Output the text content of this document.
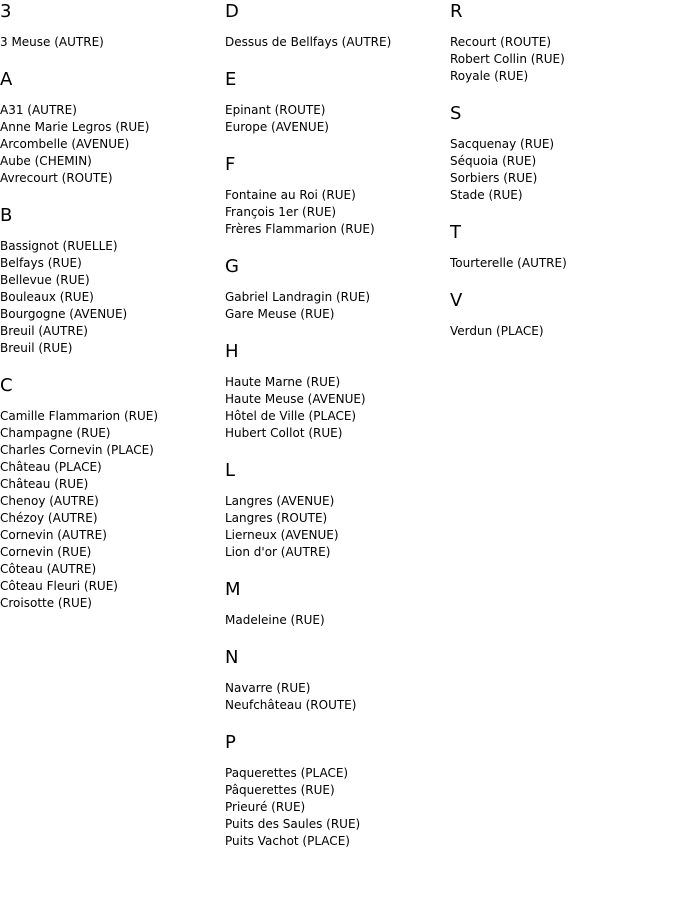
3
3 Meuse (AUTRE)
A
A31 (AUTRE)
Anne Marie Legros (RUE)
Arcombelle (AVENUE)
Aube (CHEMIN)
Avrecourt (ROUTE)
B
Bassignot (RUELLE)
Belfays (RUE)
Bellevue (RUE)
Bouleaux (RUE)
Bourgogne (AVENUE)
Breuil (AUTRE)
Breuil (RUE)
C
Camille Flammarion (RUE)
Champagne (RUE)
Charles Cornevin (PLACE)
Château (PLACE)
Château (RUE)
Chenoy (AUTRE)
Chézoy (AUTRE)
Cornevin (AUTRE)
Cornevin (RUE)
Côteau (AUTRE)
Côteau Fleuri (RUE)
Croisotte (RUE)
D
Dessus de Bellfays (AUTRE)
E
Epinant (ROUTE)
Europe (AVENUE)
F
Fontaine au Roi (RUE)
François 1er (RUE)
Frères Flammarion (RUE)
G
Gabriel Landragin (RUE)
Gare Meuse (RUE)
H
Haute Marne (RUE)
Haute Meuse (AVENUE)
Hôtel de Ville (PLACE)
Hubert Collot (RUE)
L
Langres (AVENUE)
Langres (ROUTE)
Lierneux (AVENUE)
Lion d'or (AUTRE)
M
Madeleine (RUE)
N
Navarre (RUE)
Neufchâteau (ROUTE)
P
Paquerettes (PLACE)
Pâquerettes (RUE)
Prieuré (RUE)
Puits des Saules (RUE)
Puits Vachot (PLACE)
R
Recourt (ROUTE)
Robert Collin (RUE)
Royale (RUE)
S
Sacquenay (RUE)
Séquoia (RUE)
Sorbiers (RUE)
Stade (RUE)
T
Tourterelle (AUTRE)
V
Verdun (PLACE)
